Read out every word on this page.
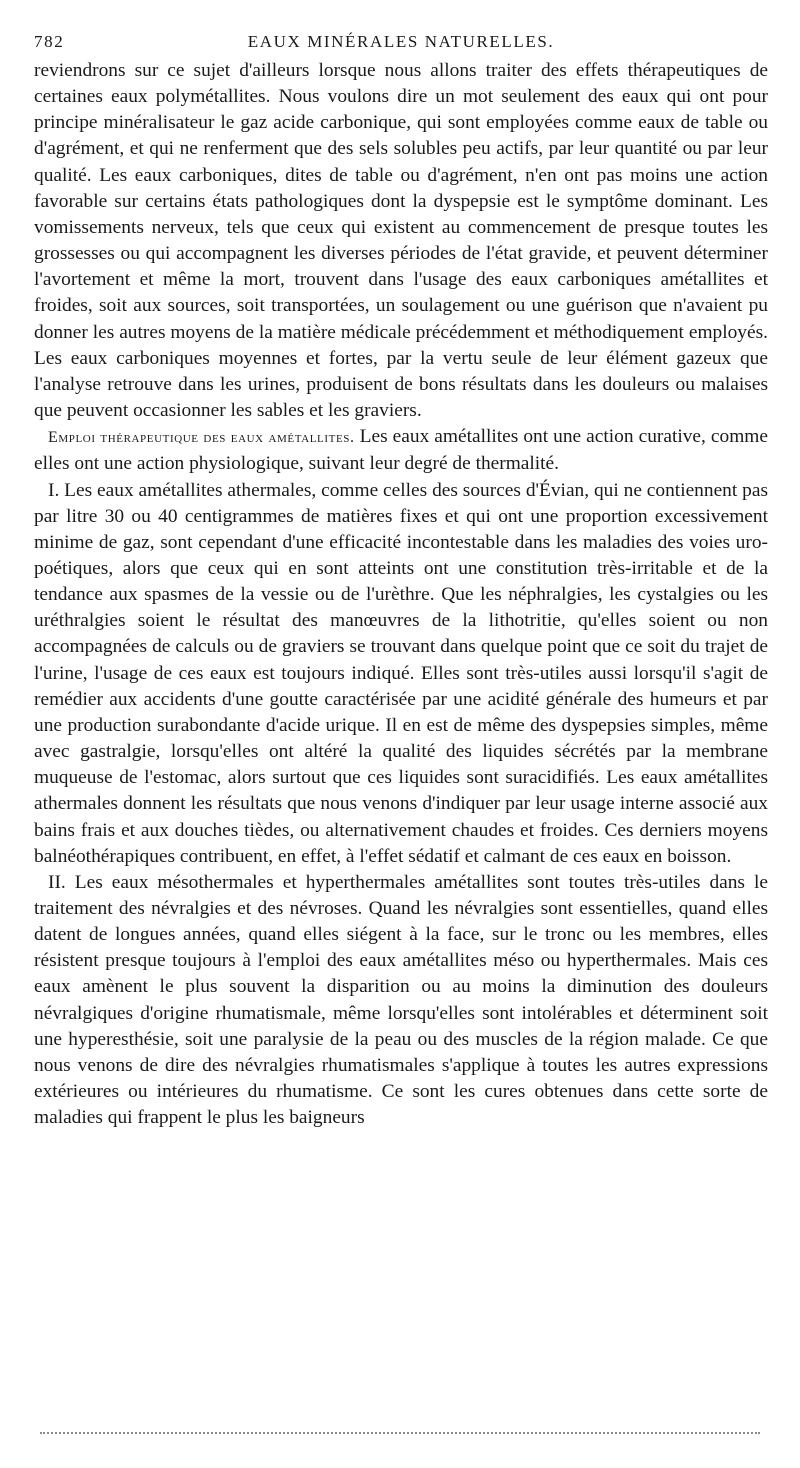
782	EAUX MINÉRALES NATURELLES.

reviendrons sur ce sujet d'ailleurs lorsque nous allons traiter des effets thérapeutiques de certaines eaux polymétallites. Nous voulons dire un mot seulement des eaux qui ont pour principe minéralisateur le gaz acide carbonique, qui sont employées comme eaux de table ou d'agrément, et qui ne renferment que des sels solubles peu actifs, par leur quantité ou par leur qualité. Les eaux carboniques, dites de table ou d'agrément, n'en ont pas moins une action favorable sur certains états pathologiques dont la dyspepsie est le symptôme dominant. Les vomissements nerveux, tels que ceux qui existent au commencement de presque toutes les grossesses ou qui accompagnent les diverses périodes de l'état gravide, et peuvent déterminer l'avortement et même la mort, trouvent dans l'usage des eaux carboniques amétallites et froides, soit aux sources, soit transportées, un soulagement ou une guérison que n'avaient pu donner les autres moyens de la matière médicale précédemment et méthodiquement employés. Les eaux carboniques moyennes et fortes, par la vertu seule de leur élément gazeux que l'analyse retrouve dans les urines, produisent de bons résultats dans les douleurs ou malaises que peuvent occasionner les sables et les graviers.

Emploi thérapeutique des eaux amétallites. Les eaux amétallites ont une action curative, comme elles ont une action physiologique, suivant leur degré de thermalité.

I. Les eaux amétallites athermales, comme celles des sources d'Évian, qui ne contiennent pas par litre 30 ou 40 centigrammes de matières fixes et qui ont une proportion excessivement minime de gaz, sont cependant d'une efficacité incontestable dans les maladies des voies uro-poétiques, alors que ceux qui en sont atteints ont une constitution très-irritable et de la tendance aux spasmes de la vessie ou de l'urèthre. Que les néphralgies, les cystalgies ou les uréthralgies soient le résultat des manœuvres de la lithotritie, qu'elles soient ou non accompagnées de calculs ou de graviers se trouvant dans quelque point que ce soit du trajet de l'urine, l'usage de ces eaux est toujours indiqué. Elles sont très-utiles aussi lorsqu'il s'agit de remédier aux accidents d'une goutte caractérisée par une acidité générale des humeurs et par une production surabondante d'acide urique. Il en est de même des dyspepsies simples, même avec gastralgie, lorsqu'elles ont altéré la qualité des liquides sécrétés par la membrane muqueuse de l'estomac, alors surtout que ces liquides sont suracidifiés. Les eaux amétallites athermales donnent les résultats que nous venons d'indiquer par leur usage interne associé aux bains frais et aux douches tièdes, ou alternativement chaudes et froides. Ces derniers moyens balnéothérapiques contribuent, en effet, à l'effet sédatif et calmant de ces eaux en boisson.

II. Les eaux mésothermales et hyperthermales amétallites sont toutes très-utiles dans le traitement des névralgies et des névroses. Quand les névralgies sont essentielles, quand elles datent de longues années, quand elles siégent à la face, sur le tronc ou les membres, elles résistent presque toujours à l'emploi des eaux amétallites méso ou hyperthermales. Mais ces eaux amènent le plus souvent la disparition ou au moins la diminution des douleurs névralgiques d'origine rhumatismale, même lorsqu'elles sont intolérables et déterminent soit une hyperesthésie, soit une paralysie de la peau ou des muscles de la région malade. Ce que nous venons de dire des névralgies rhumatismales s'applique à toutes les autres expressions extérieures ou intérieures du rhumatisme. Ce sont les cures obtenues dans cette sorte de maladies qui frappent le plus les baigneurs
